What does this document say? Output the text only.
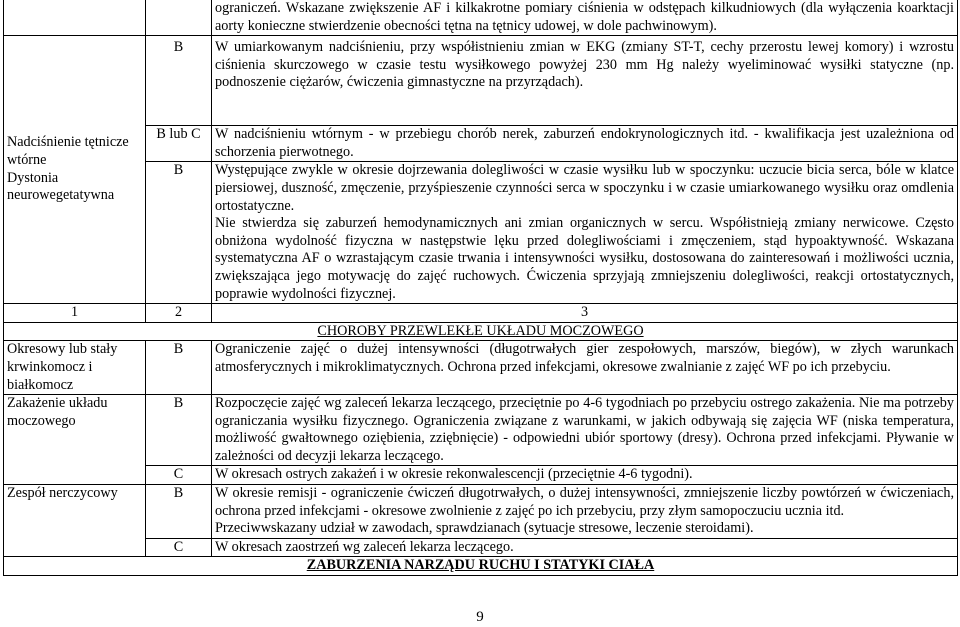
		ograniczeń. Wskazane zwiększenie AF i kilkakrotne pomiary ciśnienia w odstępach kilkudniowych (dla wyłączenia koarktacji aorty konieczne stwierdzenie obecności tętna na tętnicy udowej, w dole pachwinowym).

Nadciśnienie tętnicze wtórne
Dystonia neurowegetatywna	B	W umiarkowanym nadciśnieniu, przy współistnieniu zmian w EKG (zmiany ST-T, cechy przerostu lewej komory) i wzrostu ciśnienia skurczowego w czasie testu wysiłkowego powyżej 230 mm Hg należy wyeliminować wysiłki statyczne (np. podnoszenie ciężarów, ćwiczenia gimnastyczne na przyrządach).

	B lub C	W nadciśnieniu wtórnym - w przebiegu chorób nerek, zaburzeń endokrynologicznych itd. - kwalifikacja jest uzależniona od schorzenia pierwotnego.

	B	Występujące zwykle w okresie dojrzewania dolegliwości w czasie wysiłku lub w spoczynku: uczucie bicia serca, bóle w klatce piersiowej, duszność, zmęczenie, przyśpieszenie czynności serca w spoczynku i w czasie umiarkowanego wysiłku oraz omdlenia ortostatyczne.
Nie stwierdza się zaburzeń hemodynamicznych ani zmian organicznych w sercu. Współistnieją zmiany nerwicowe. Często obniżona wydolność fizyczna w następstwie lęku przed dolegliwościami i zmęczeniem, stąd hypoaktywność. Wskazana systematyczna AF o wzrastającym czasie trwania i intensywności wysiłku, dostosowana do zainteresowań i możliwości ucznia, zwiększająca jego motywację do zajęć ruchowych. Ćwiczenia sprzyjają zmniejszeniu dolegliwości, reakcji ortostatycznych, poprawie wydolności fizycznej.

1	2	3
CHOROBY PRZEWLEKŁE UKŁADU MOCZOWEGO		
Okresowy lub stały krwinkomocz i białkomocz	B	Ograniczenie zajęć o dużej intensywności (długotrwałych gier zespołowych, marszów, biegów), w złych warunkach atmosferycznych i mikroklimatycznych. Ochrona przed infekcjami, okresowe zwalnianie z zajęć WF po ich przebyciu.

Zakażenie układu moczowego	B	Rozpoczęcie zajęć wg zaleceń lekarza leczącego, przeciętnie po 4-6 tygodniach po przebyciu ostrego zakażenia. Nie ma potrzeby ograniczania wysiłku fizycznego. Ograniczenia związane z warunkami, w jakich odbywają się zajęcia WF (niska temperatura, możliwość gwałtownego oziębienia, zziębnięcie) - odpowiedni ubiór sportowy (dresy). Ochrona przed infekcjami. Pływanie w zależności od decyzji lekarza leczącego.

	C	W okresach ostrych zakażeń i w okresie rekonwalescencji (przeciętnie 4-6 tygodni).

Zespół nerczycowy	B	W okresie remisji - ograniczenie ćwiczeń długotrwałych, o dużej intensywności, zmniejszenie liczby powtórzeń w ćwiczeniach, ochrona przed infekcjami - okresowe zwolnienie z zajęć po ich przebyciu, przy złym samopoczuciu ucznia itd.
Przeciwwskazany udział w zawodach, sprawdzianach (sytuacje stresowe, leczenie steroidami).

	C	W okresach zaostrzeń wg zaleceń lekarza leczącego.

ZABURZENIA NARZĄDU RUCHU I STATYKI CIAŁA		
9
